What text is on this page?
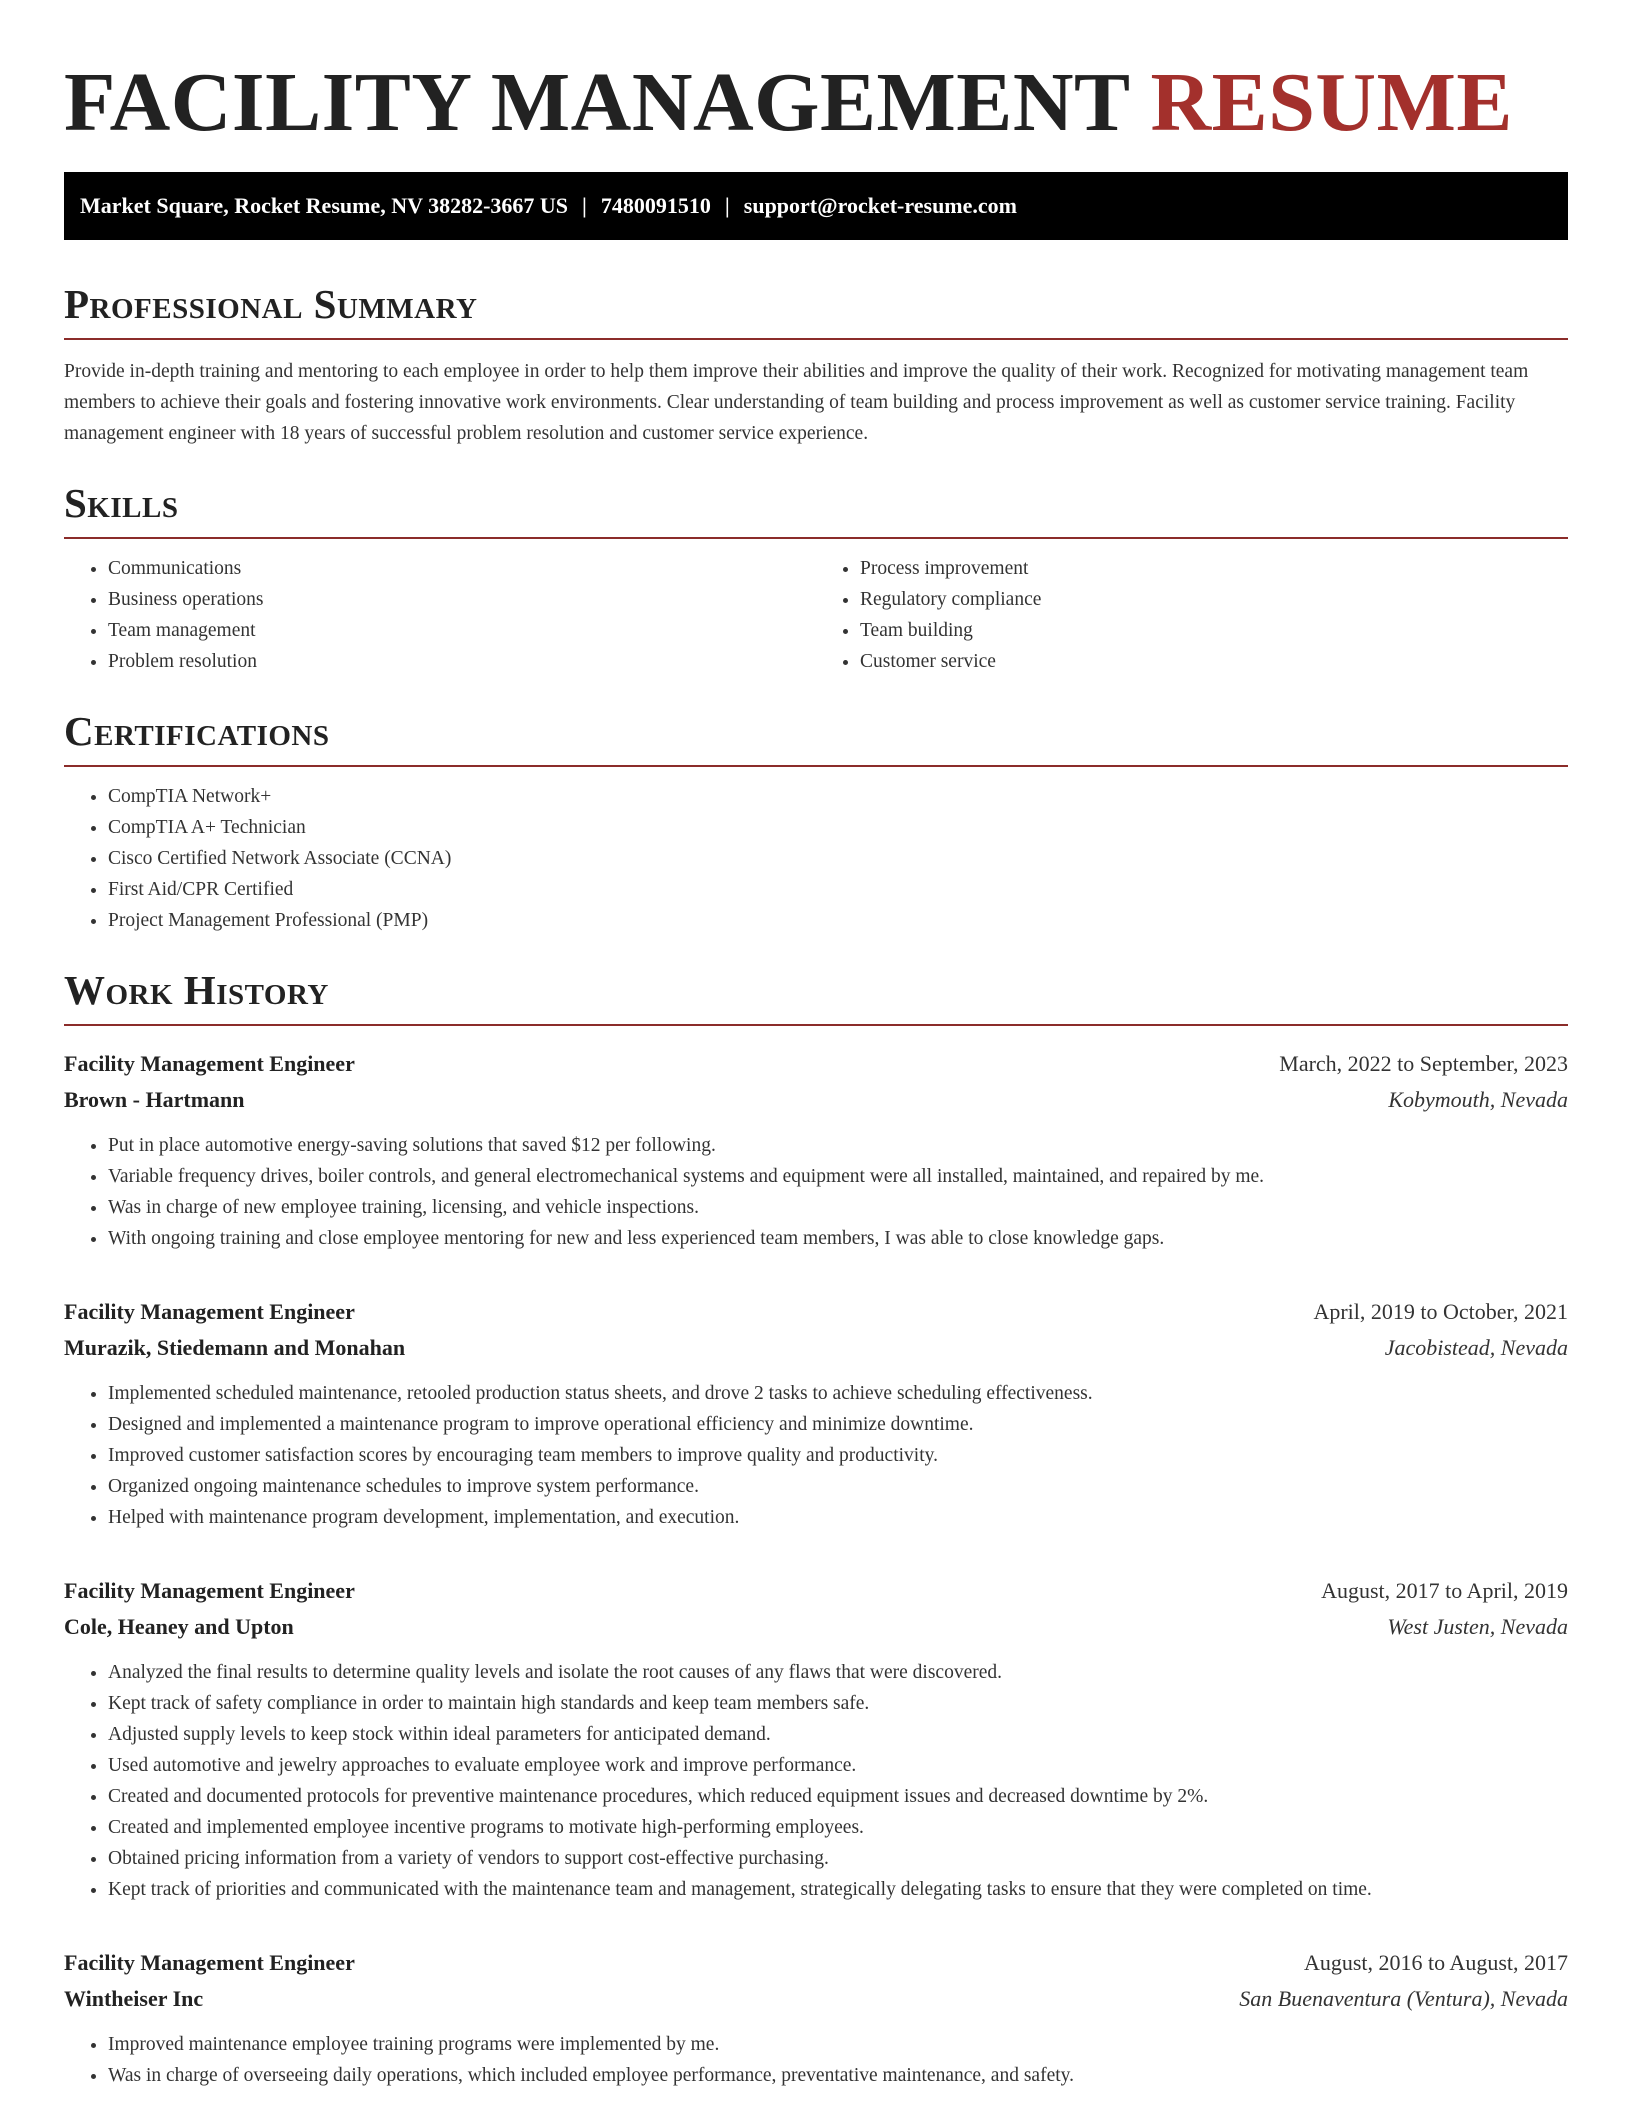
FACILITY MANAGEMENT RESUME
Market Square, Rocket Resume, NV 38282-3667 US | 7480091510 | support@rocket-resume.com
Professional Summary

Provide in-depth training and mentoring to each employee in order to help them improve their abilities and improve the quality of their work. Recognized for motivating management team members to achieve their goals and fostering innovative work environments. Clear understanding of team building and process improvement as well as customer service training. Facility management engineer with 18 years of successful problem resolution and customer service experience.

Skills
• Communications
• Business operations
• Team management
• Problem resolution
• Process improvement
• Regulatory compliance
• Team building
• Customer service
Certifications
• CompTIA Network+
• CompTIA A+ Technician
• Cisco Certified Network Associate (CCNA)
• First Aid/CPR Certified
• Project Management Professional (PMP)
Work History
Facility Management Engineer	March, 2022 to September, 2023
Brown - Hartmann	Kobymouth, Nevada
• Put in place automotive energy-saving solutions that saved $12 per following.
• Variable frequency drives, boiler controls, and general electromechanical systems and equipment were all installed, maintained, and repaired by me.
• Was in charge of new employee training, licensing, and vehicle inspections.
• With ongoing training and close employee mentoring for new and less experienced team members, I was able to close knowledge gaps.
Facility Management Engineer	April, 2019 to October, 2021
Murazik, Stiedemann and Monahan	Jacobistead, Nevada
• Implemented scheduled maintenance, retooled production status sheets, and drove 2 tasks to achieve scheduling effectiveness.
• Designed and implemented a maintenance program to improve operational efficiency and minimize downtime.
• Improved customer satisfaction scores by encouraging team members to improve quality and productivity.
• Organized ongoing maintenance schedules to improve system performance.
• Helped with maintenance program development, implementation, and execution.
Facility Management Engineer	August, 2017 to April, 2019
Cole, Heaney and Upton	West Justen, Nevada
• Analyzed the final results to determine quality levels and isolate the root causes of any flaws that were discovered.
• Kept track of safety compliance in order to maintain high standards and keep team members safe.
• Adjusted supply levels to keep stock within ideal parameters for anticipated demand.
• Used automotive and jewelry approaches to evaluate employee work and improve performance.
• Created and documented protocols for preventive maintenance procedures, which reduced equipment issues and decreased downtime by 2%.
• Created and implemented employee incentive programs to motivate high-performing employees.
• Obtained pricing information from a variety of vendors to support cost-effective purchasing.
• Kept track of priorities and communicated with the maintenance team and management, strategically delegating tasks to ensure that they were completed on time.
Facility Management Engineer	August, 2016 to August, 2017
Wintheiser Inc	San Buenaventura (Ventura), Nevada
• Improved maintenance employee training programs were implemented by me.
• Was in charge of overseeing daily operations, which included employee performance, preventative maintenance, and safety.
